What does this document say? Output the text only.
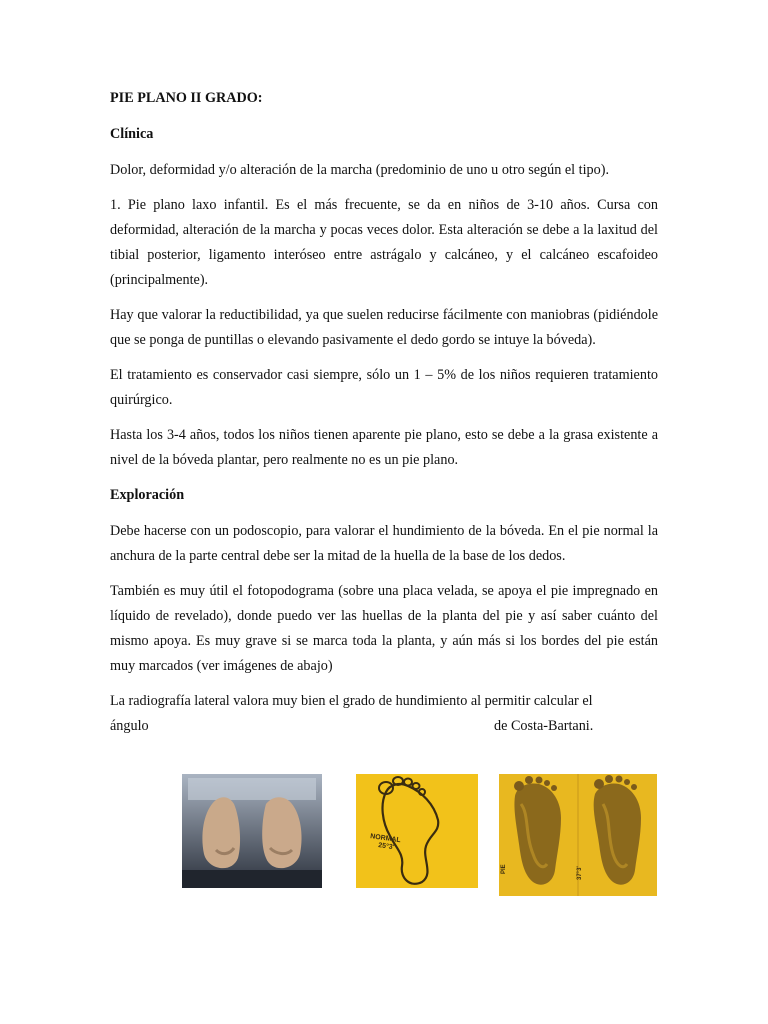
PIE PLANO II GRADO:
Clínica

Dolor, deformidad y/o alteración de la marcha (predominio de uno u otro según el tipo).

1. Pie plano laxo infantil. Es el más frecuente, se da en niños de 3-10 años. Cursa con deformidad, alteración de la marcha y pocas veces dolor. Esta alteración se debe a la laxitud del tibial posterior, ligamento interóseo entre astrágalo y calcáneo, y el calcáneo escafoideo (principalmente).

Hay que valorar la reductibilidad, ya que suelen reducirse fácilmente con maniobras (pidiéndole que se ponga de puntillas o elevando pasivamente el dedo gordo se intuye la bóveda).

El tratamiento es conservador casi siempre, sólo un 1 – 5% de los niños requieren tratamiento quirúrgico.

Hasta los 3-4 años, todos los niños tienen aparente pie plano, esto se debe a la grasa existente a nivel de la bóveda plantar, pero realmente no es un pie plano.

Exploración

Debe hacerse con un podoscopio, para valorar el hundimiento de la bóveda. En el pie normal la anchura de la parte central debe ser la mitad de la huella de la base de los dedos.

También es muy útil el fotopodograma (sobre una placa velada, se apoya el pie impregnado en líquido de revelado), donde puedo ver las huellas de la planta del pie y así saber cuánto del mismo apoya. Es muy grave si se marca toda la planta, y aún más si los bordes del pie están muy marcados (ver imágenes de abajo)

La radiografía lateral valora muy bien el grado de hundimiento al permitir calcular el

ángulo	de Costa-Bartani.
NORMAL
25°3'
PIE	37°3'
